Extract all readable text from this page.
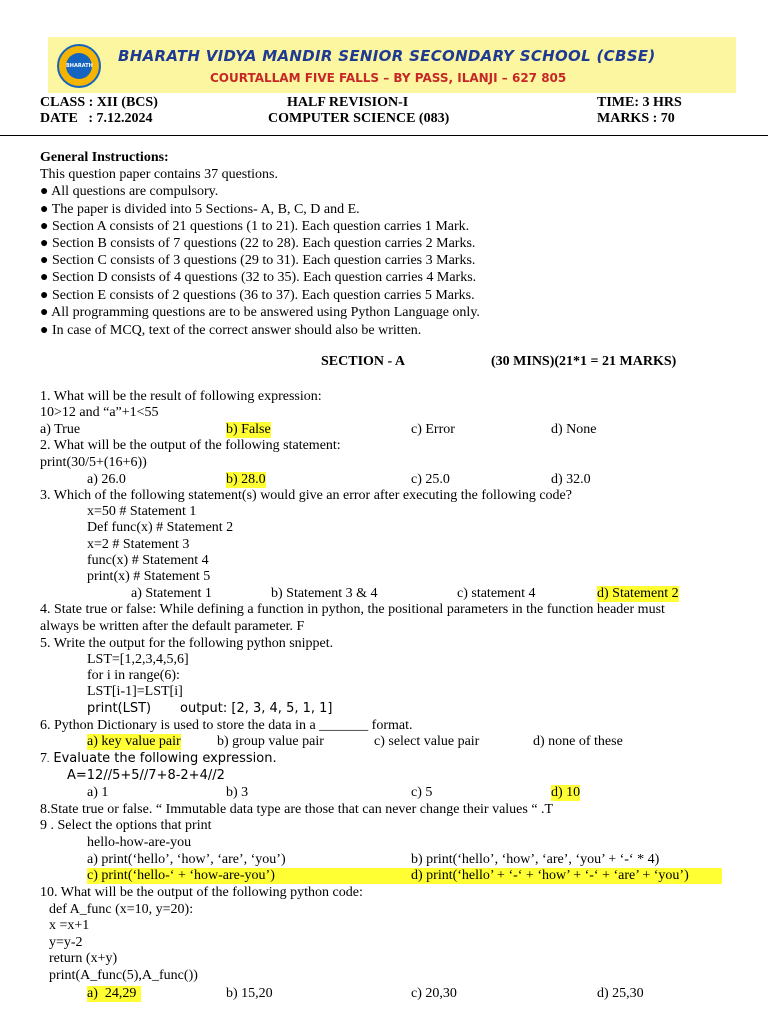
BHARATH
BHARATH VIDYA MANDIR SENIOR SECONDARY SCHOOL (CBSE)
COURTALLAM FIVE FALLS – BY PASS, ILANJI – 627 805
CLASS : XII (BCS)	HALF REVISION-I	TIME: 3 HRS
DATE   : 7.12.2024	COMPUTER SCIENCE (083)	MARKS : 70
General Instructions:
This question paper contains 37 questions.
● All questions are compulsory.
● The paper is divided into 5 Sections- A, B, C, D and E.
● Section A consists of 21 questions (1 to 21). Each question carries 1 Mark.
● Section B consists of 7 questions (22 to 28). Each question carries 2 Marks.
● Section C consists of 3 questions (29 to 31). Each question carries 3 Marks.
● Section D consists of 4 questions (32 to 35). Each question carries 4 Marks.
● Section E consists of 2 questions (36 to 37). Each question carries 5 Marks.
● All programming questions are to be answered using Python Language only.
● In case of MCQ, text of the correct answer should also be written.
SECTION - A	(30 MINS)(21*1 = 21 MARKS)
1. What will be the result of following expression:
10>12 and “a”+1<55
a) True	b) False	c) Error	d) None
2. What will be the output of the following statement:
print(30/5+(16+6))
a) 26.0	b) 28.0	c) 25.0	d) 32.0
3. Which of the following statement(s) would give an error after executing the following code?
x=50 # Statement 1
Def func(x) # Statement 2
x=2 # Statement 3
func(x) # Statement 4
print(x) # Statement 5
a) Statement 1	b) Statement 3 & 4	c) statement 4	d) Statement 2
4. State true or false: While defining a function in python, the positional parameters in the function header must
always be written after the default parameter. F
5. Write the output for the following python snippet.
LST=[1,2,3,4,5,6]
for i in range(6):
LST[i-1]=LST[i]
print(LST) output: [2, 3, 4, 5, 1, 1]
6. Python Dictionary is used to store the data in a _______ format.
a) key value pair	b) group value pair	c) select value pair	d) none of these
7. Evaluate the following expression.
A=12//5+5//7+8-2+4//2
a) 1	b) 3	c) 5	d) 10
8.State true or false. “ Immutable data type are those that can never change their values “ .T
9 . Select the options that print
hello-how-are-you
a) print(‘hello’, ‘how’, ‘are’, ‘you’)	b) print(‘hello’, ‘how’, ‘are’, ‘you’ + ‘-‘ * 4)
c) print(‘hello-‘ + ‘how-are-you’)	d) print(‘hello’ + ‘-‘ + ‘how’ + ‘-‘ + ‘are’ + ‘you’)
10. What will be the output of the following python code:
def A_func (x=10, y=20):
x =x+1
y=y-2
return (x+y)
print(A_func(5),A_func())
a)  24,29	b) 15,20	c) 20,30	d) 25,30
